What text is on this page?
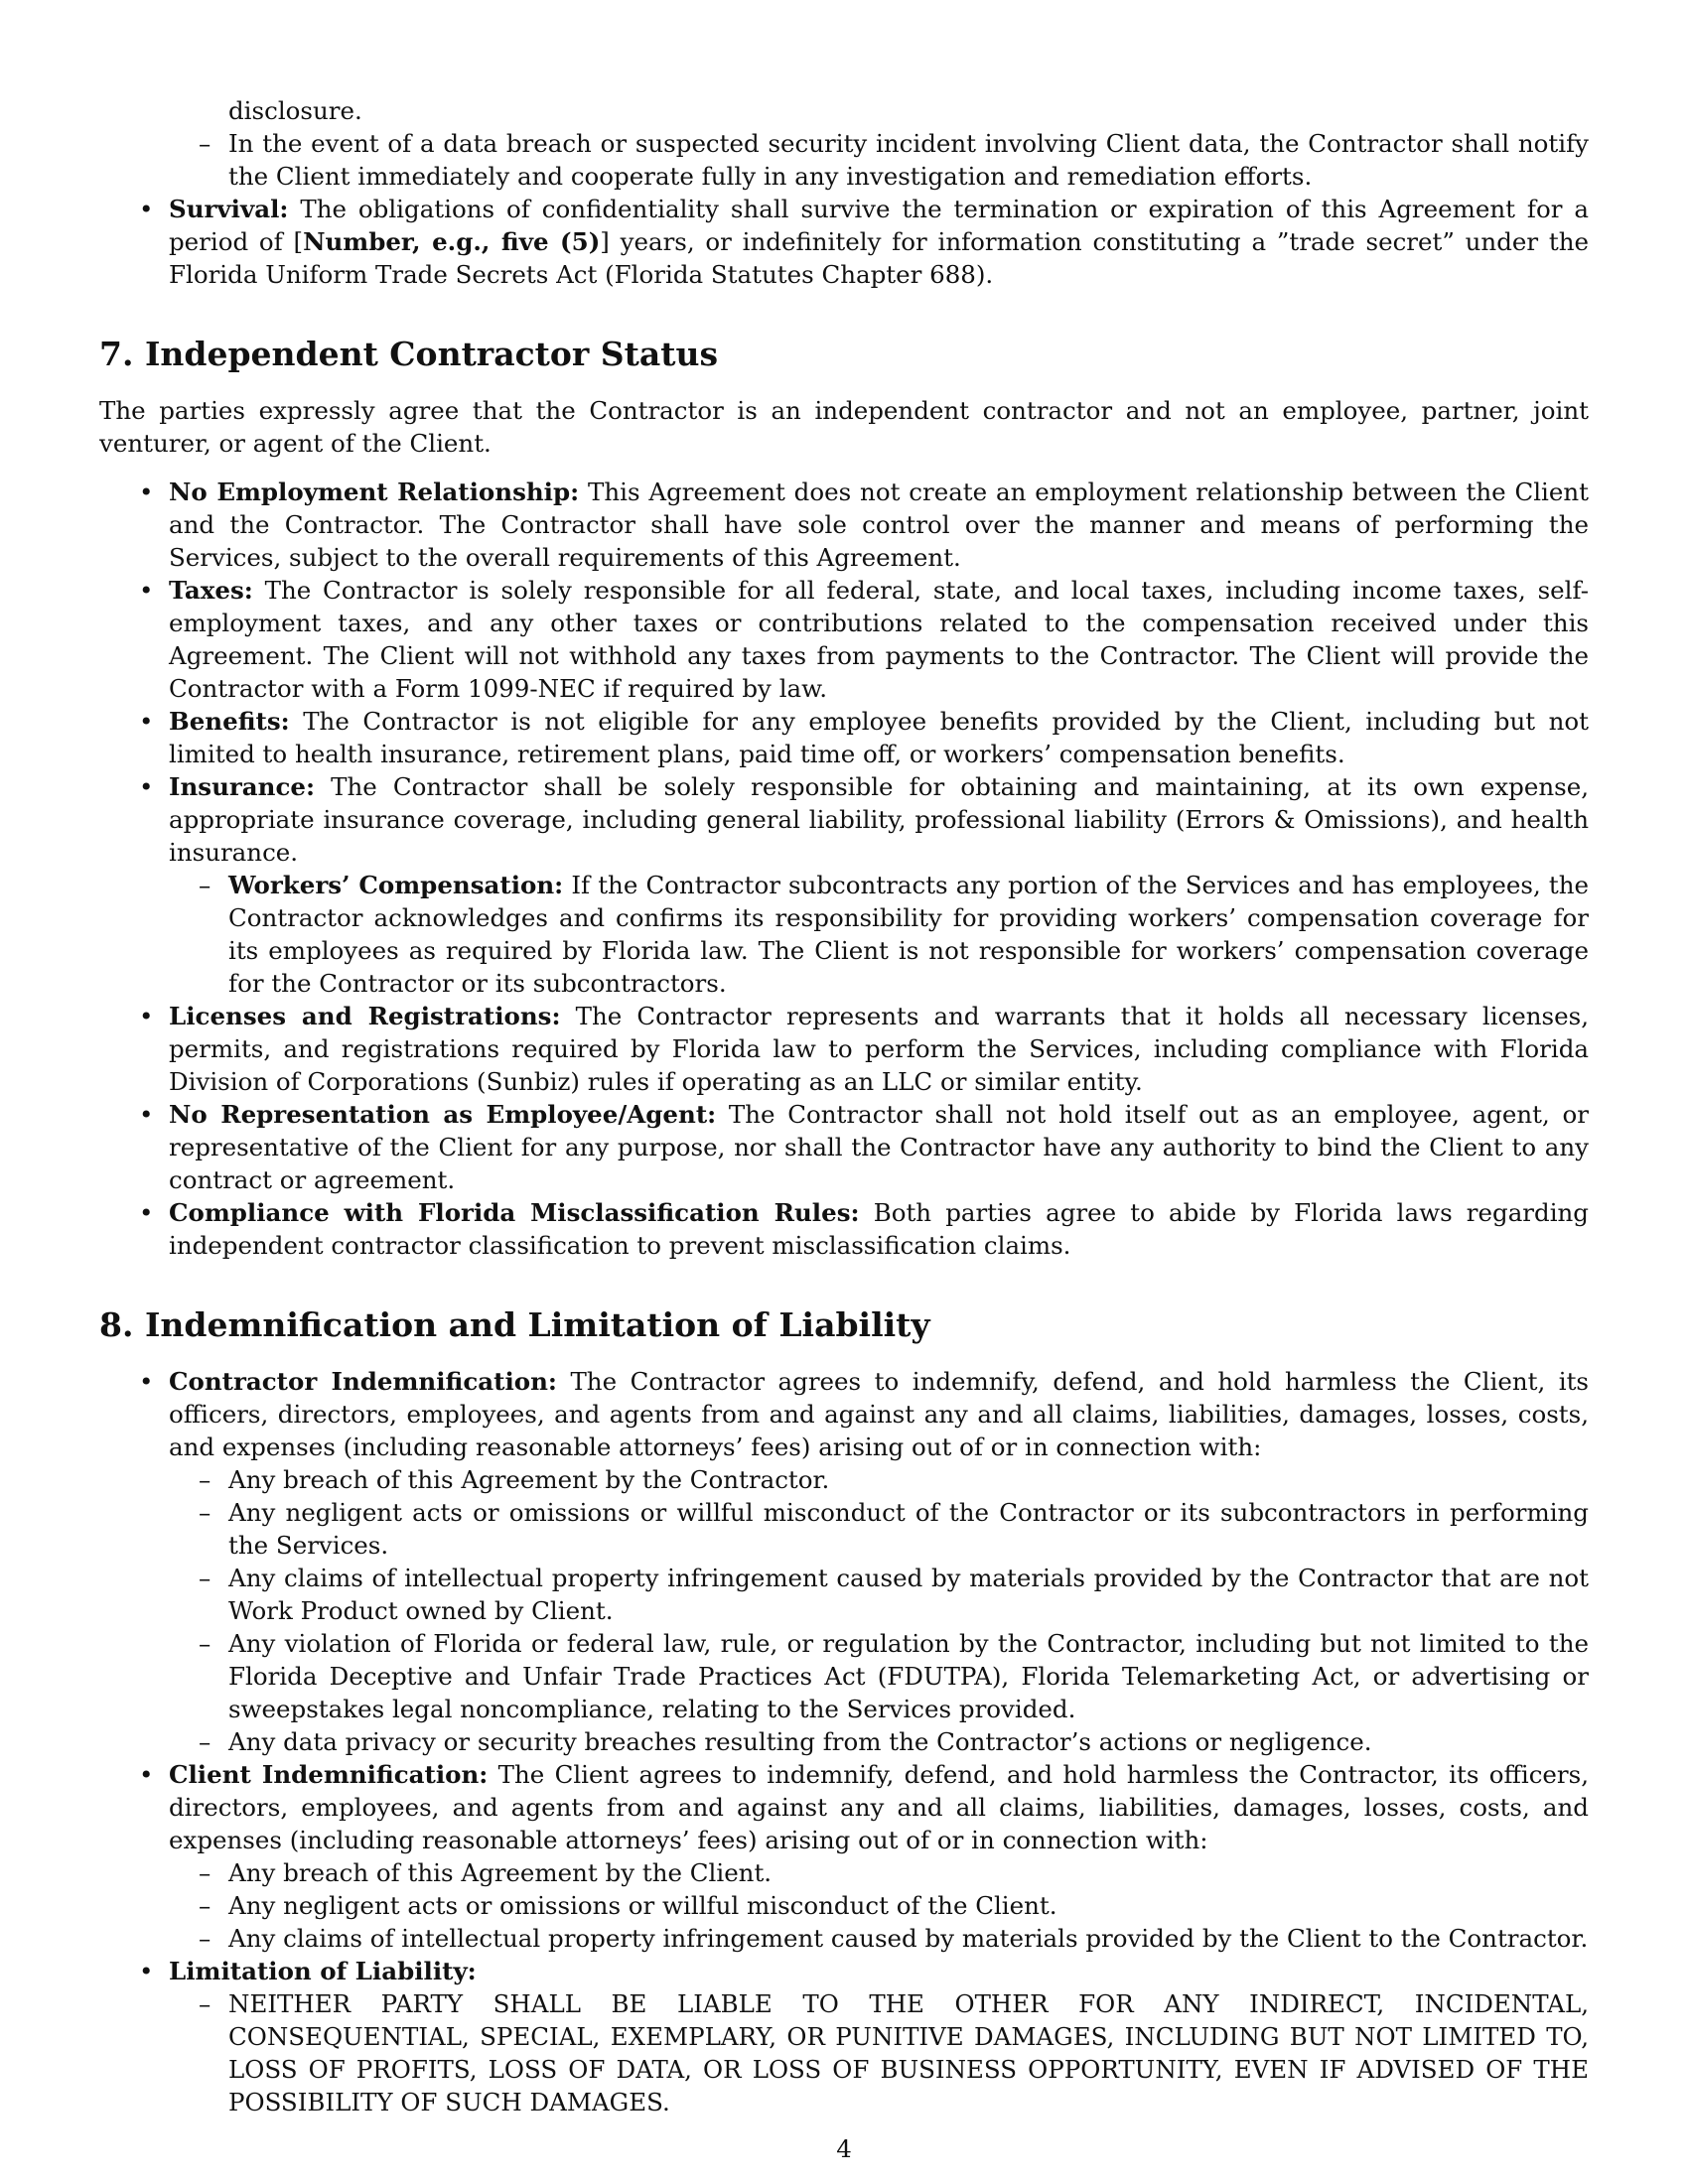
disclosure.

– In the event of a data breach or suspected security incident involving Client data, the Contractor shall notify the Client immediately and cooperate fully in any investigation and remediation efforts.
• Survival: The obligations of confidentiality shall survive the termination or expiration of this Agreement for a period of [Number, e.g., five (5)] years, or indefinitely for information constituting a ”trade secret” under the Florida Uniform Trade Secrets Act (Florida Statutes Chapter 688).
7. Independent Contractor Status

The parties expressly agree that the Contractor is an independent contractor and not an employee, partner, joint venturer, or agent of the Client.

• No Employment Relationship: This Agreement does not create an employment relationship between the Client and the Contractor. The Contractor shall have sole control over the manner and means of performing the Services, subject to the overall requirements of this Agreement.
• Taxes: The Contractor is solely responsible for all federal, state, and local taxes, including income taxes, self-employment taxes, and any other taxes or contributions related to the compensation received under this Agreement. The Client will not withhold any taxes from payments to the Contractor. The Client will provide the Contractor with a Form 1099-NEC if required by law.
• Benefits: The Contractor is not eligible for any employee benefits provided by the Client, including but not limited to health insurance, retirement plans, paid time off, or workers’ compensation benefits.
• Insurance: The Contractor shall be solely responsible for obtaining and maintaining, at its own expense, appropriate insurance coverage, including general liability, professional liability (Errors & Omissions), and health insurance.
– Workers’ Compensation: If the Contractor subcontracts any portion of the Services and has employees, the Contractor acknowledges and confirms its responsibility for providing workers’ compensation coverage for its employees as required by Florida law. The Client is not responsible for workers’ compensation coverage for the Contractor or its subcontractors.
• Licenses and Registrations: The Contractor represents and warrants that it holds all necessary licenses, permits, and registrations required by Florida law to perform the Services, including compliance with Florida Division of Corporations (Sunbiz) rules if operating as an LLC or similar entity.
• No Representation as Employee/Agent: The Contractor shall not hold itself out as an employee, agent, or representative of the Client for any purpose, nor shall the Contractor have any authority to bind the Client to any contract or agreement.
• Compliance with Florida Misclassification Rules: Both parties agree to abide by Florida laws regarding independent contractor classification to prevent misclassification claims.
8. Indemnification and Limitation of Liability
• Contractor Indemnification: The Contractor agrees to indemnify, defend, and hold harmless the Client, its officers, directors, employees, and agents from and against any and all claims, liabilities, damages, losses, costs, and expenses (including reasonable attorneys’ fees) arising out of or in connection with:
– Any breach of this Agreement by the Contractor.
– Any negligent acts or omissions or willful misconduct of the Contractor or its subcontractors in performing the Services.
– Any claims of intellectual property infringement caused by materials provided by the Contractor that are not Work Product owned by Client.
– Any violation of Florida or federal law, rule, or regulation by the Contractor, including but not limited to the Florida Deceptive and Unfair Trade Practices Act (FDUTPA), Florida Telemarketing Act, or advertising or sweepstakes legal noncompliance, relating to the Services provided.
– Any data privacy or security breaches resulting from the Contractor’s actions or negligence.
• Client Indemnification: The Client agrees to indemnify, defend, and hold harmless the Contractor, its officers, directors, employees, and agents from and against any and all claims, liabilities, damages, losses, costs, and expenses (including reasonable attorneys’ fees) arising out of or in connection with:
– Any breach of this Agreement by the Client.
– Any negligent acts or omissions or willful misconduct of the Client.
– Any claims of intellectual property infringement caused by materials provided by the Client to the Contractor.
• Limitation of Liability:
– NEITHER PARTY SHALL BE LIABLE TO THE OTHER FOR ANY INDIRECT, INCIDENTAL, CONSEQUENTIAL, SPECIAL, EXEMPLARY, OR PUNITIVE DAMAGES, INCLUDING BUT NOT LIMITED TO, LOSS OF PROFITS, LOSS OF DATA, OR LOSS OF BUSINESS OPPORTUNITY, EVEN IF ADVISED OF THE POSSIBILITY OF SUCH DAMAGES.
4
